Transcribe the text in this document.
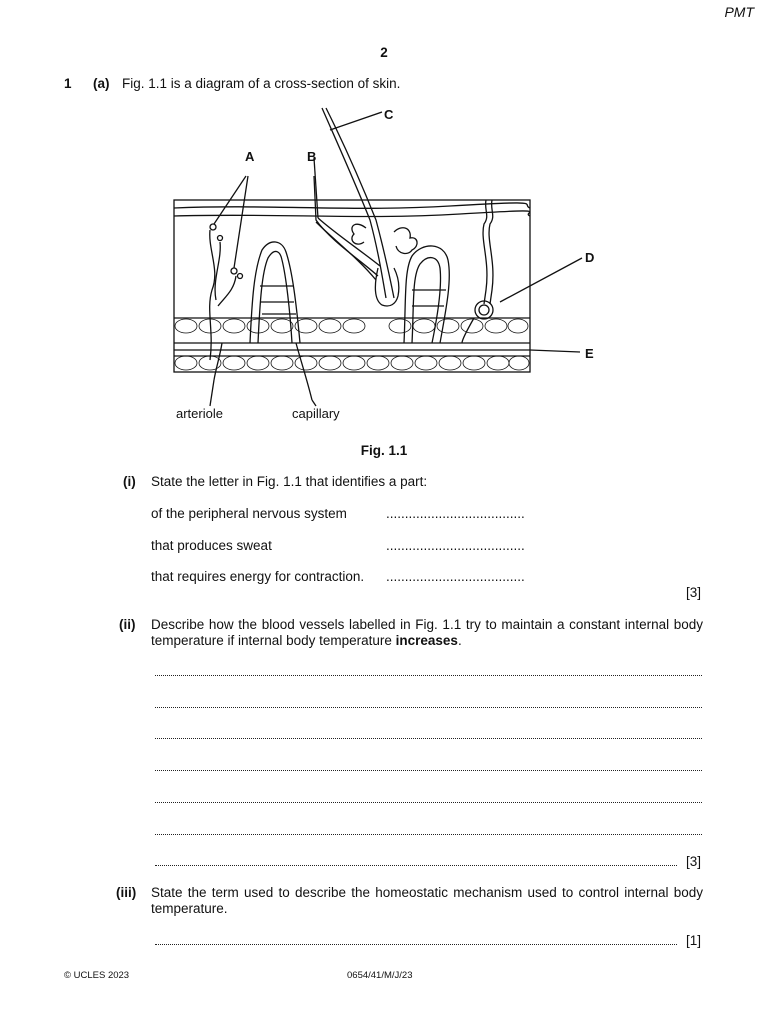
PMT
2
1 (a) Fig. 1.1 is a diagram of a cross-section of skin.
A	B
C
D
E
arteriole	capillary
Fig. 1.1
(i) State the letter in Fig. 1.1 that identifies a part:
of the peripheral nervous system	.....................................
that produces sweat	.....................................
that requires energy for contraction. .....................................
[3]
(ii) Describe how the blood vessels labelled in Fig. 1.1 try to maintain a constant internal body temperature if internal body temperature increases.
[3]
(iii) State the term used to describe the homeostatic mechanism used to control internal body temperature.
[1]
© UCLES 2023	0654/41/M/J/23
